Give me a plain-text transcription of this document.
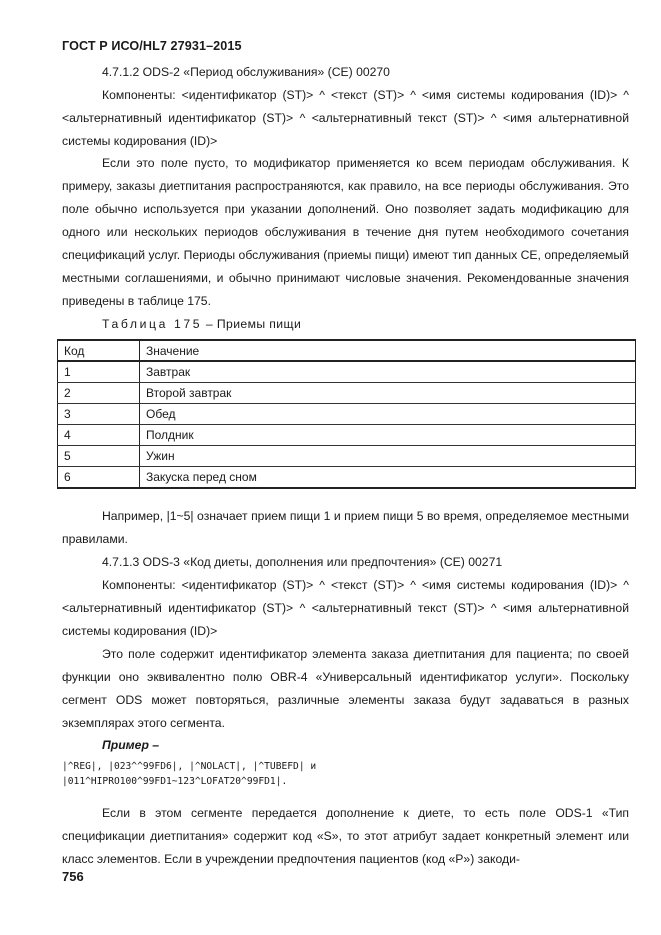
ГОСТ Р ИСО/HL7 27931–2015

4.7.1.2 ODS-2 «Период обслуживания» (CE) 00270

Компоненты: <идентификатор (ST)> ^ <текст (ST)> ^ <имя системы кодирования (ID)> ^ <альтернативный идентификатор (ST)> ^ <альтернативный текст (ST)> ^ <имя альтернативной системы кодирования (ID)>

Если это поле пусто, то модификатор применяется ко всем периодам обслуживания. К примеру, заказы диетпитания распространяются, как правило, на все периоды обслуживания. Это поле обычно используется при указании дополнений. Оно позволяет задать модификацию для одного или нескольких периодов обслуживания в течение дня путем необходимого сочетания спецификаций услуг. Периоды обслуживания (приемы пищи) имеют тип данных CE, определяемый местными соглашениями, и обычно принимают числовые значения. Рекомендованные значения приведены в таблице 175.

Таблица 175 – Приемы пищи
Код	Значение
1	Завтрак
2	Второй завтрак
3	Обед
4	Полдник
5	Ужин
6	Закуска перед сном

Например, |1~5| означает прием пищи 1 и прием пищи 5 во время, определяемое местными правилами.

4.7.1.3 ODS-3 «Код диеты, дополнения или предпочтения» (CE) 00271

Компоненты: <идентификатор (ST)> ^ <текст (ST)> ^ <имя системы кодирования (ID)> ^ <альтернативный идентификатор (ST)> ^ <альтернативный текст (ST)> ^ <имя альтернативной системы кодирования (ID)>

Это поле содержит идентификатор элемента заказа диетпитания для пациента; по своей функции оно эквивалентно полю OBR-4 «Универсальный идентификатор услуги». Поскольку сегмент ODS может повторяться, различные элементы заказа будут задаваться в разных экземплярах этого сегмента.

Пример –
|^REG|, |023^^99FD6|, |^NOLACT|, |^TUBEFD| и
|011^HIPRO100^99FD1~123^LOFAT20^99FD1|.

Если в этом сегменте передается дополнение к диете, то есть поле ODS-1 «Тип спецификации диетпитания» содержит код «S», то этот атрибут задает конкретный элемент или класс элементов. Если в учреждении предпочтения пациентов (код «P») закоди-

756
